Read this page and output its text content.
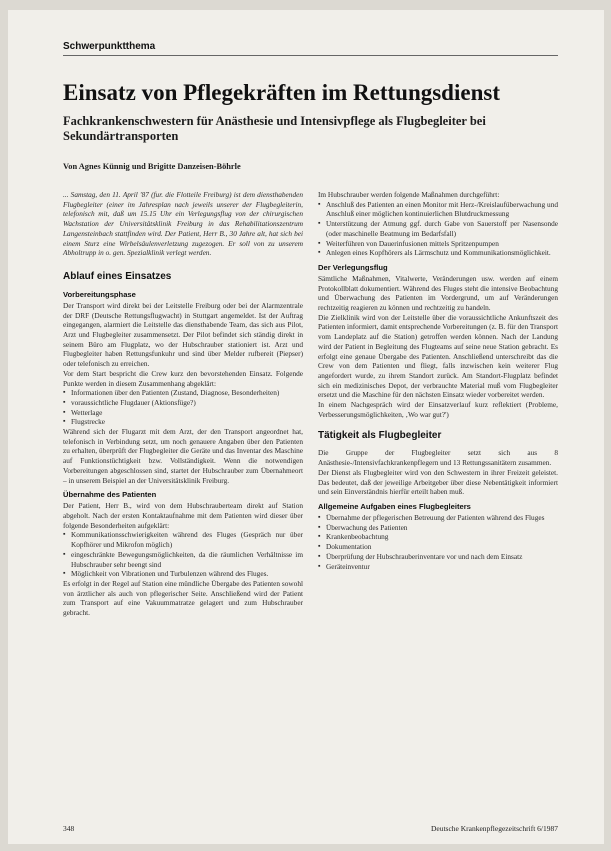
Schwerpunktthema
Einsatz von Pflegekräften im Rettungsdienst
Fachkrankenschwestern für Anästhesie und Intensivpflege als Flugbegleiter bei Sekundärtransporten
Von Agnes Künnig und Brigitte Danzeisen-Böhrle

... Samstag, den 11. April '87 (fur. die Flotteile Freiburg) ist dem diensthabenden Flugbegleiter (einer im Jahresplan nach jeweils unserer der Flugbegleiterin, telefonisch mit, daß um 15.15 Uhr ein Verlegungsflug von der chirurgischen Wachstation der Universitätsklinik Freiburg in das Rehabilitationszentrum Langensteinbach stattfinden wird. Der Patient, Herr B., 30 Jahre alt, hat sich bei einem Sturz eine Wirbelsäulenverletzung zugezogen. Er soll von zu unserem Abholtrupp in o. gen. Spezialklinik verlegt werden.

Ablauf eines Einsatzes
Vorbereitungsphase

Der Transport wird direkt bei der Leitstelle Freiburg oder bei der Alarmzentrale der DRF (Deutsche Rettungsflugwacht) in Stuttgart angemeldet. Ist der Auftrag eingegangen, alarmiert die Leitstelle das diensthabende Team, das sich aus Pilot, Arzt und Flugbegleiter zusammensetzt. Der Pilot befindet sich ständig direkt in seinem Büro am Flugplatz, wo der Hubschrauber stationiert ist. Arzt und Flugbegleiter haben Rettungsfunkuhr und sind über Melder rufbereit (Piepser) oder telefonisch zu erreichen.

Vor dem Start bespricht die Crew kurz den bevorstehenden Einsatz. Folgende Punkte werden in diesem Zusammenhang abgeklärt:

▪ Informationen über den Patienten (Zustand, Diagnose, Besonderheiten)
▪ voraussichtliche Flugdauer (Aktionsfüge?)
▪ Wetterlage
▪ Flugstrecke

Während sich der Flugarzt mit dem Arzt, der den Transport angeordnet hat, telefonisch in Verbindung setzt, um noch genauere Angaben über den Patienten zu erhalten, überprüft der Flugbegleiter die Geräte und das Inventar des Maschine auf Funktionstüchtigkeit bzw. Vollständigkeit. Wenn die notwendigen Vorbereitungen abgeschlossen sind, startet der Hubschrauber zum Übernahmeort – in unserem Beispiel an der Universitätsklinik Freiburg.

Übernahme des Patienten

Der Patient, Herr B., wird von dem Hubschrauberteam direkt auf Station abgeholt. Nach der ersten Kontaktaufnahme mit dem Patienten wird dieser über folgende Besonderheiten aufgeklärt:

▪ Kommunikationsschwierigkeiten während des Fluges (Gespräch nur über Kopfhörer und Mikrofon möglich)
▪ eingeschränkte Bewegungsmöglichkeiten, da die räumlichen Verhältnisse im Hubschrauber sehr beengt sind
▪ Möglichkeit von Vibrationen und Turbulenzen während des Fluges.

Es erfolgt in der Regel auf Station eine mündliche Übergabe des Patienten sowohl von ärztlicher als auch von pflegerischer Seite. Anschließend wird der Patient zum Transport auf eine Vakuummatratze gelagert und zum Hubschrauber gebracht.

Im Hubschrauber werden folgende Maßnahmen durchgeführt:

▪ Anschluß des Patienten an einen Monitor mit Herz-/Kreislaufüberwachung und Anschluß einer möglichen kontinuierlichen Blutdruckmessung
▪ Unterstützung der Atmung ggf. durch Gabe von Sauerstoff per Nasensonde (oder maschinelle Beatmung im Bedarfsfall)
▪ Weiterführen von Dauerinfusionen mittels Spritzenpumpen
▪ Anlegen eines Kopfhörers als Lärmschutz und Kommunikationsmöglichkeit.
Der Verlegungsflug

Sämtliche Maßnahmen, Vitalwerte, Veränderungen usw. werden auf einem Protokollblatt dokumentiert. Während des Fluges steht die intensive Beobachtung und Überwachung des Patienten im Vordergrund, um auf Veränderungen rechtzeitig reagieren zu können und rechtzeitig zu handeln.

Die Zielklinik wird von der Leitstelle über die voraussichtliche Ankunftszeit des Patienten informiert, damit entsprechende Vorbereitungen (z. B. für den Transport vom Landeplatz auf die Station) getroffen werden können. Nach der Landung wird der Patient in Begleitung des Flugteams auf seine neue Station gebracht. Es erfolgt eine genaue Übergabe des Patienten. Anschließend unterschreibt das die Crew von dem Patienten und fliegt, falls inzwischen kein weiterer Flug angefordert wurde, zu ihrem Standort zurück. Am Standort-Flugplatz befindet sich ein medizinisches Depot, der verbrauchte Material muß vom Flugbegleiter ersetzt und die Maschine für den nächsten Einsatz wieder vorbereitet werden.

In einem Nachgespräch wird der Einsatzverlauf kurz reflektiert (Probleme, Verbesserungsmöglichkeiten, ‚Wo war gut?')

Tätigkeit als Flugbegleiter

Die Gruppe der Flugbegleiter setzt sich aus 8 Anästhesie-/Intensivfachkrankenpflegern und 13 Rettungssanitätern zusammen.

Der Dienst als Flugbegleiter wird von den Schwestern in ihrer Freizeit geleistet. Das bedeutet, daß der jeweilige Arbeitgeber über diese Nebentätigkeit informiert und sein Einverständnis hierfür erteilt haben muß.

Allgemeine Aufgaben eines Flugbegleiters
▪ Übernahme der pflegerischen Betreuung der Patienten während des Fluges
▪ Überwachung des Patienten
▪ Krankenbeobachtung
▪ Dokumentation
▪ Überprüfung der Hubschrauberinventare vor und nach dem Einsatz
▪ Geräteinventur
348	Deutsche Krankenpflegezeitschrift 6/1987
